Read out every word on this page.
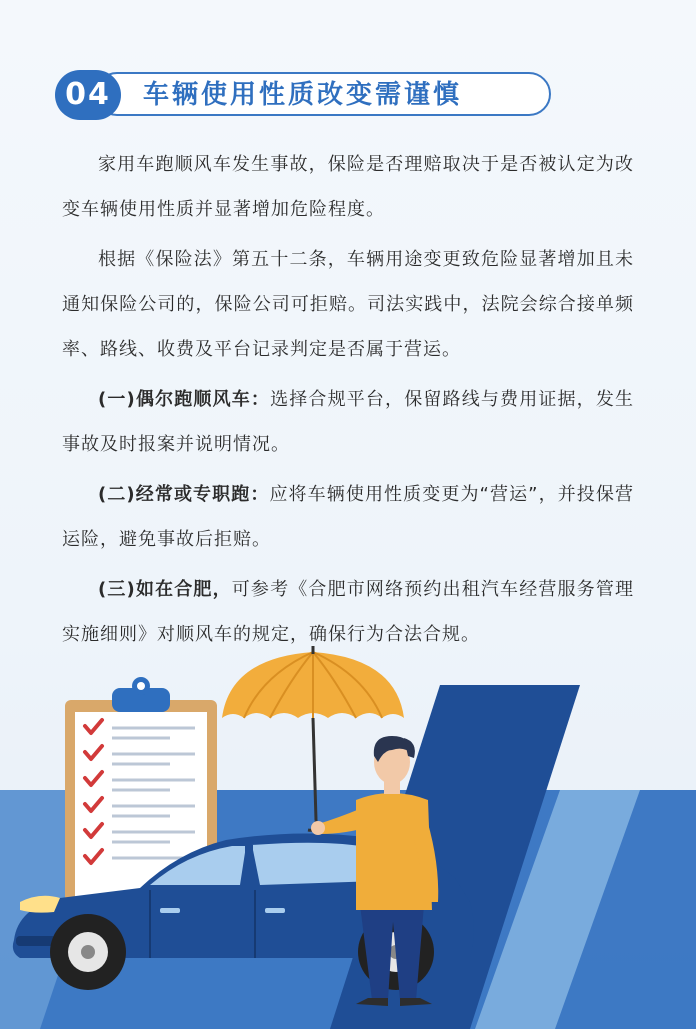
04	车辆使用性质改变需谨慎

家用车跑顺风车发生事故，保险是否理赔取决于是否被认定为改变车辆使用性质并显著增加危险程度。

根据《保险法》第五十二条，车辆用途变更致危险显著增加且未通知保险公司的，保险公司可拒赔。司法实践中，法院会综合接单频率、路线、收费及平台记录判定是否属于营运。

(一)偶尔跑顺风车：选择合规平台，保留路线与费用证据，发生事故及时报案并说明情况。

(二)经常或专职跑：应将车辆使用性质变更为“营运”，并投保营运险，避免事故后拒赔。

(三)如在合肥，可参考《合肥市网络预约出租汽车经营服务管理实施细则》对顺风车的规定，确保行为合法合规。
